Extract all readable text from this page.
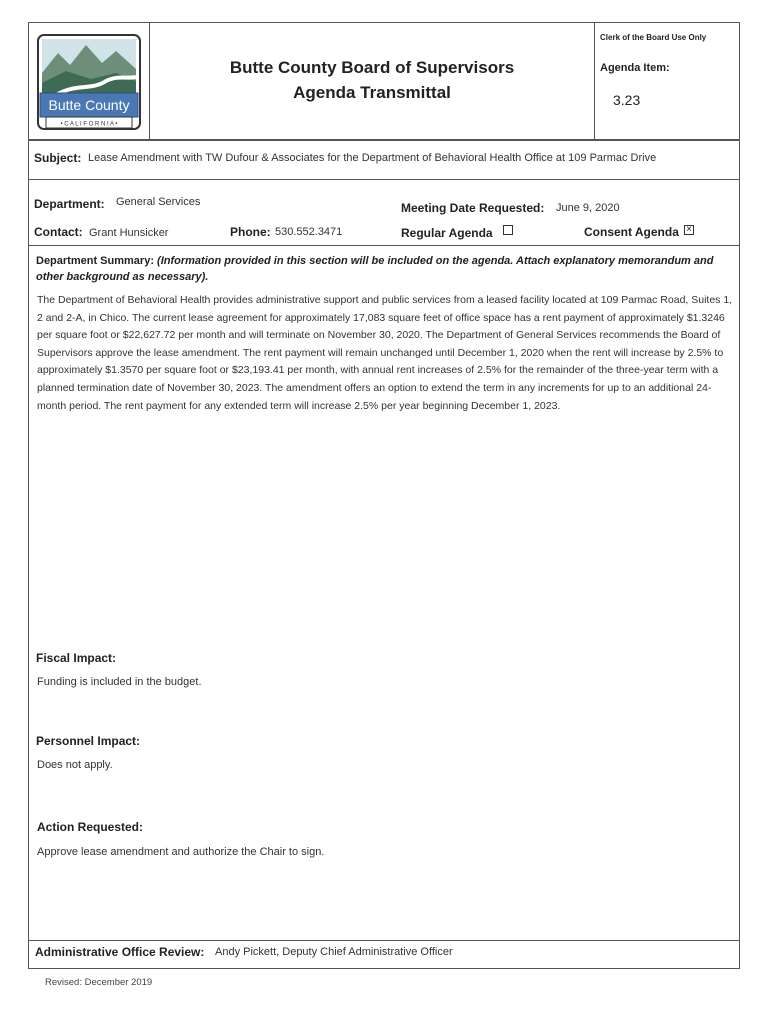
Butte County
• C A L I F O R N I A •
Butte County Board of Supervisors
Agenda Transmittal
Clerk of the Board Use Only
Agenda Item:
3.23
Subject: Lease Amendment with TW Dufour & Associates for the Department of Behavioral Health Office at 109 Parmac Drive
Department: General Services	Meeting Date Requested: June 9, 2020
Contact: Grant Hunsicker	Phone: 530.552.3471	Regular Agenda	Consent Agenda ×
Department Summary: (Information provided in this section will be included on the agenda. Attach explanatory memorandum and other background as necessary).
The Department of Behavioral Health provides administrative support and public services from a leased facility located at 109 Parmac Road, Suites 1, 2 and 2-A, in Chico. The current lease agreement for approximately 17,083 square feet of office space has a rent payment of approximately $1.3246 per square foot or $22,627.72 per month and will terminate on November 30, 2020. The Department of General Services recommends the Board of Supervisors approve the lease amendment. The rent payment will remain unchanged until December 1, 2020 when the rent will increase by 2.5% to approximately $1.3570 per square foot or $23,193.41 per month, with annual rent increases of 2.5% for the remainder of the three-year term with a planned termination date of November 30, 2023. The amendment offers an option to extend the term in any increments for up to an additional 24-month period. The rent payment for any extended term will increase 2.5% per year beginning December 1, 2023.
Fiscal Impact:
Funding is included in the budget.
Personnel Impact:
Does not apply.
Action Requested:
Approve lease amendment and authorize the Chair to sign.
Administrative Office Review: Andy Pickett, Deputy Chief Administrative Officer
Revised: December 2019
